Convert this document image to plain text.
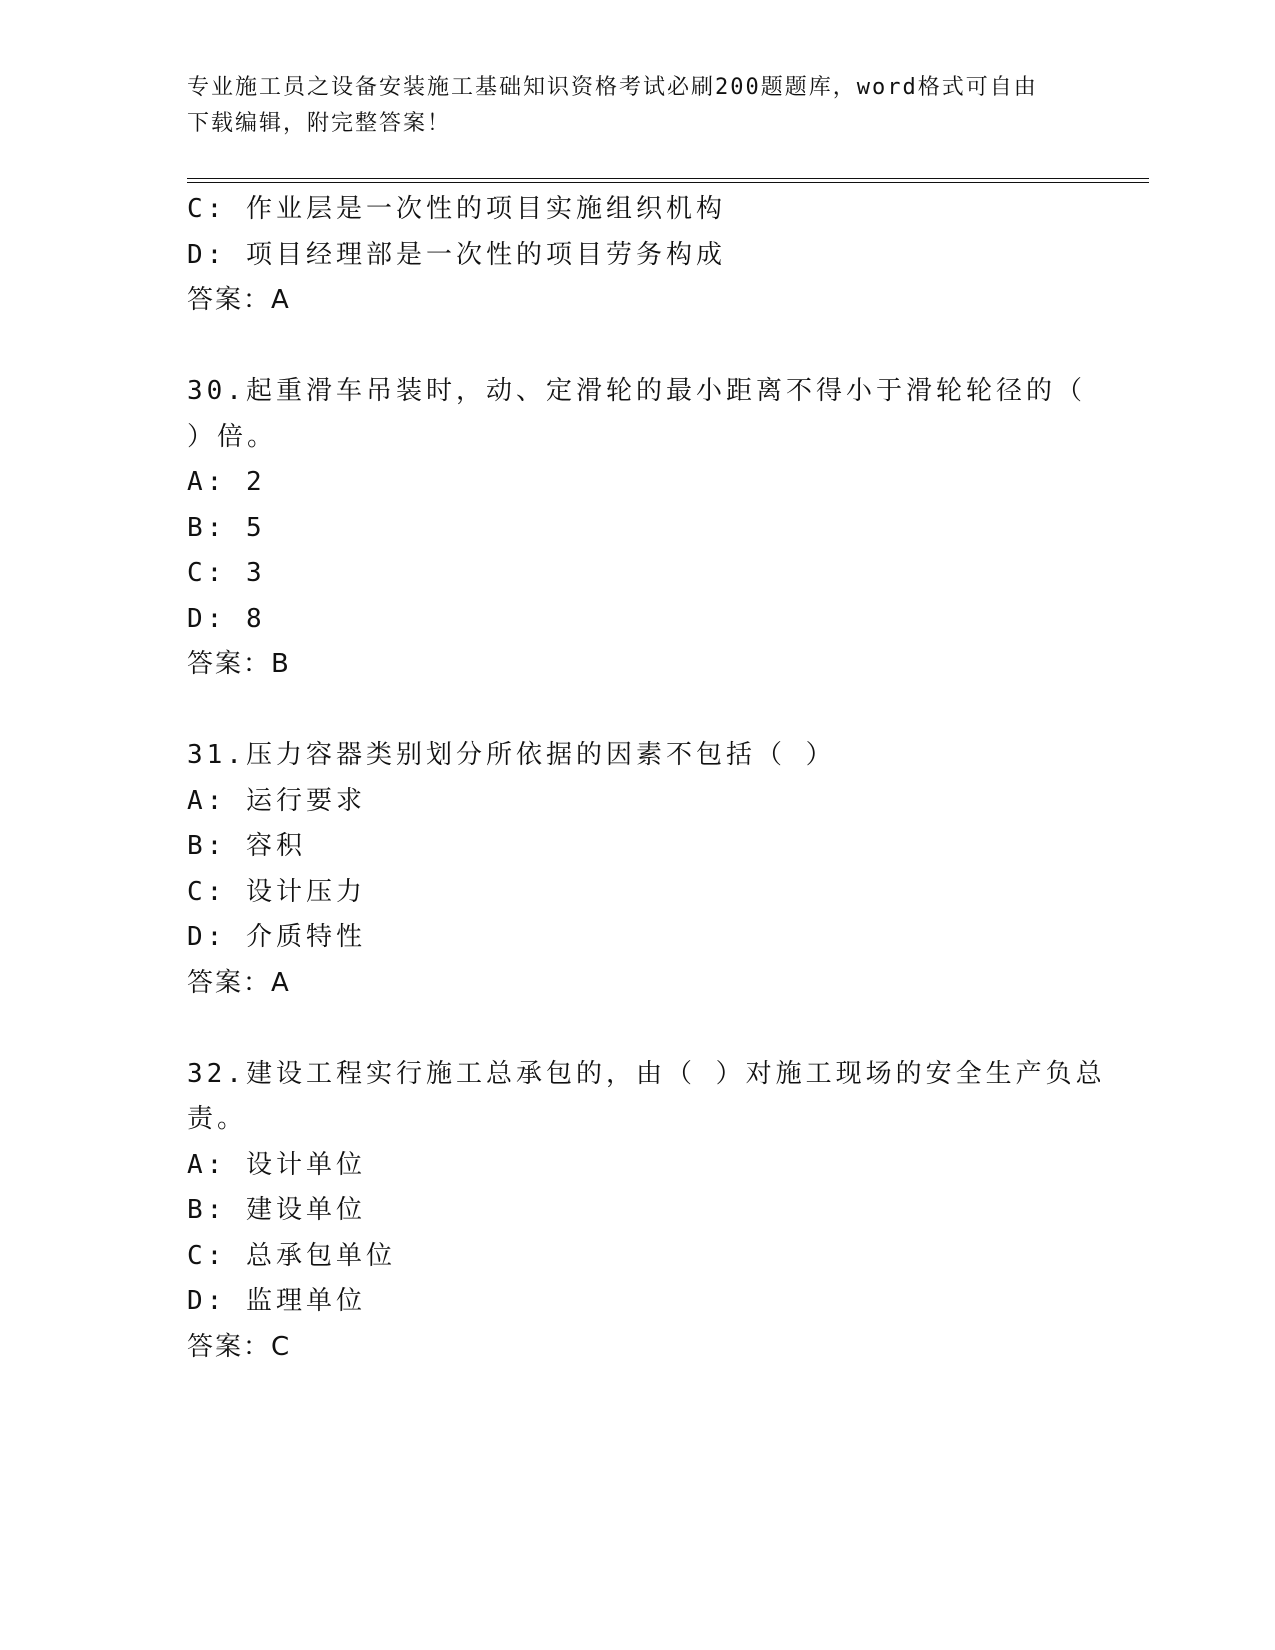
专业施工员之设备安装施工基础知识资格考试必刷200题题库，word格式可自由
下载编辑，附完整答案！
C: 作业层是一次性的项目实施组织机构
D: 项目经理部是一次性的项目劳务构成
答案：A
30.起重滑车吊装时，动、定滑轮的最小距离不得小于滑轮轮径的（
）倍。
A: 2
B: 5
C: 3
D: 8
答案：B
31.压力容器类别划分所依据的因素不包括（ ）
A: 运行要求
B: 容积
C: 设计压力
D: 介质特性
答案：A
32.建设工程实行施工总承包的，由（ ）对施工现场的安全生产负总
责。
A: 设计单位
B: 建设单位
C: 总承包单位
D: 监理单位
答案：C
